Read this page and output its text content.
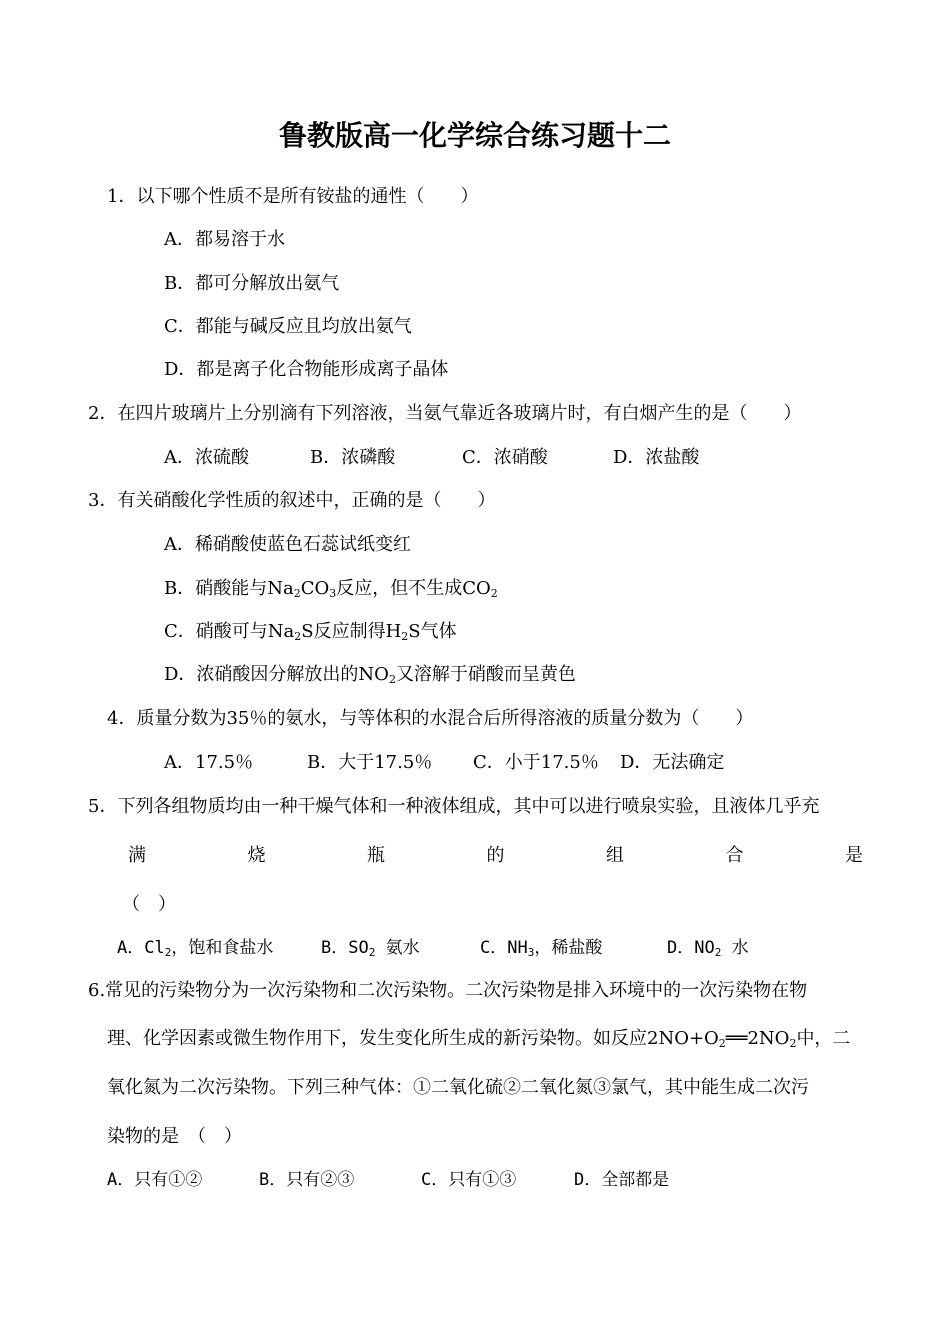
鲁教版高一化学综合练习题十二
1．以下哪个性质不是所有铵盐的通性（　　）
A．都易溶于水
B．都可分解放出氨气
C．都能与碱反应且均放出氨气
D．都是离子化合物能形成离子晶体
2．在四片玻璃片上分别滴有下列溶液，当氨气靠近各玻璃片时，有白烟产生的是（　　）
A．浓硫酸	B．浓磷酸	C．浓硝酸	D．浓盐酸
3．有关硝酸化学性质的叙述中，正确的是（　　）
A．稀硝酸使蓝色石蕊试纸变红
B．硝酸能与$Na_2CO_3$反应，但不生成$CO_2$
C．硝酸可与$Na_2S$反应制得$H_2S$气体
D．浓硝酸因分解放出的$NO_2$又溶解于硝酸而呈黄色
4．质量分数为35％的氨水，与等体积的水混合后所得溶液的质量分数为（　　）
A．17.5％	B．大于17.5％ C．小于17.5％ D．无法确定
5．下列各组物质均由一种干燥气体和一种液体组成，其中可以进行喷泉实验，且液体几乎充
满	烧	瓶	的	组	合	是
（　）
A．$Cl_2$，饱和食盐水	B．$SO_2$ 氨水	C．$NH_3$，稀盐酸	D．$NO_2$ 水
6.常见的污染物分为一次污染物和二次污染物。二次污染物是排入环境中的一次污染物在物
理、化学因素或微生物作用下，发生变化所生成的新污染物。如反应$2NO+O_2══2NO_2$中，二
氧化氮为二次污染物。下列三种气体：①二氧化硫②二氧化氮③氯气，其中能生成二次污
染物的是　（　）
A．只有①②	B．只有②③	C．只有①③	D．全部都是
